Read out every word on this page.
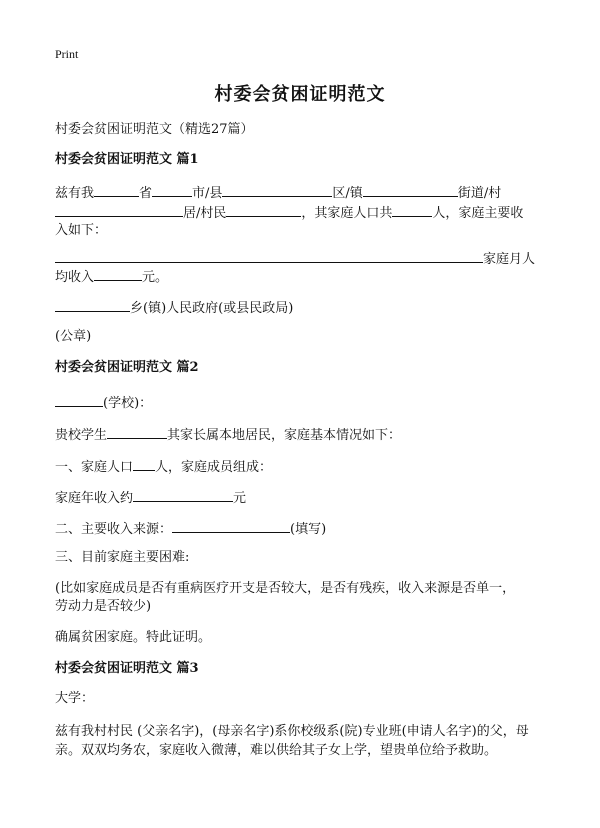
Print
村委会贫困证明范文
村委会贫困证明范文（精选27篇）
村委会贫困证明范文 篇1
兹有我	省	市/县	区/镇	街道/村
居/村民	，其家庭人口共	人，家庭主要收
入如下：
家庭月人
均收入	元。
乡(镇)人民政府(或县民政局)
(公章)
村委会贫困证明范文 篇2
(学校)：
贵校学生	其家长属本地居民，家庭基本情况如下：
一、家庭人口 人，家庭成员组成：
家庭年收入约	元
二、主要收入来源：	(填写)
三、目前家庭主要困难:
(比如家庭成员是否有重病医疗开支是否较大，是否有残疾，收入来源是否单一，
劳动力是否较少)
确属贫困家庭。特此证明。
村委会贫困证明范文 篇3
大学：
兹有我村村民 (父亲名字)，(母亲名字)系你校级系(院)专业班(申请人名字)的父，母
亲。双双均务农，家庭收入微薄，难以供给其子女上学，望贵单位给予救助。
